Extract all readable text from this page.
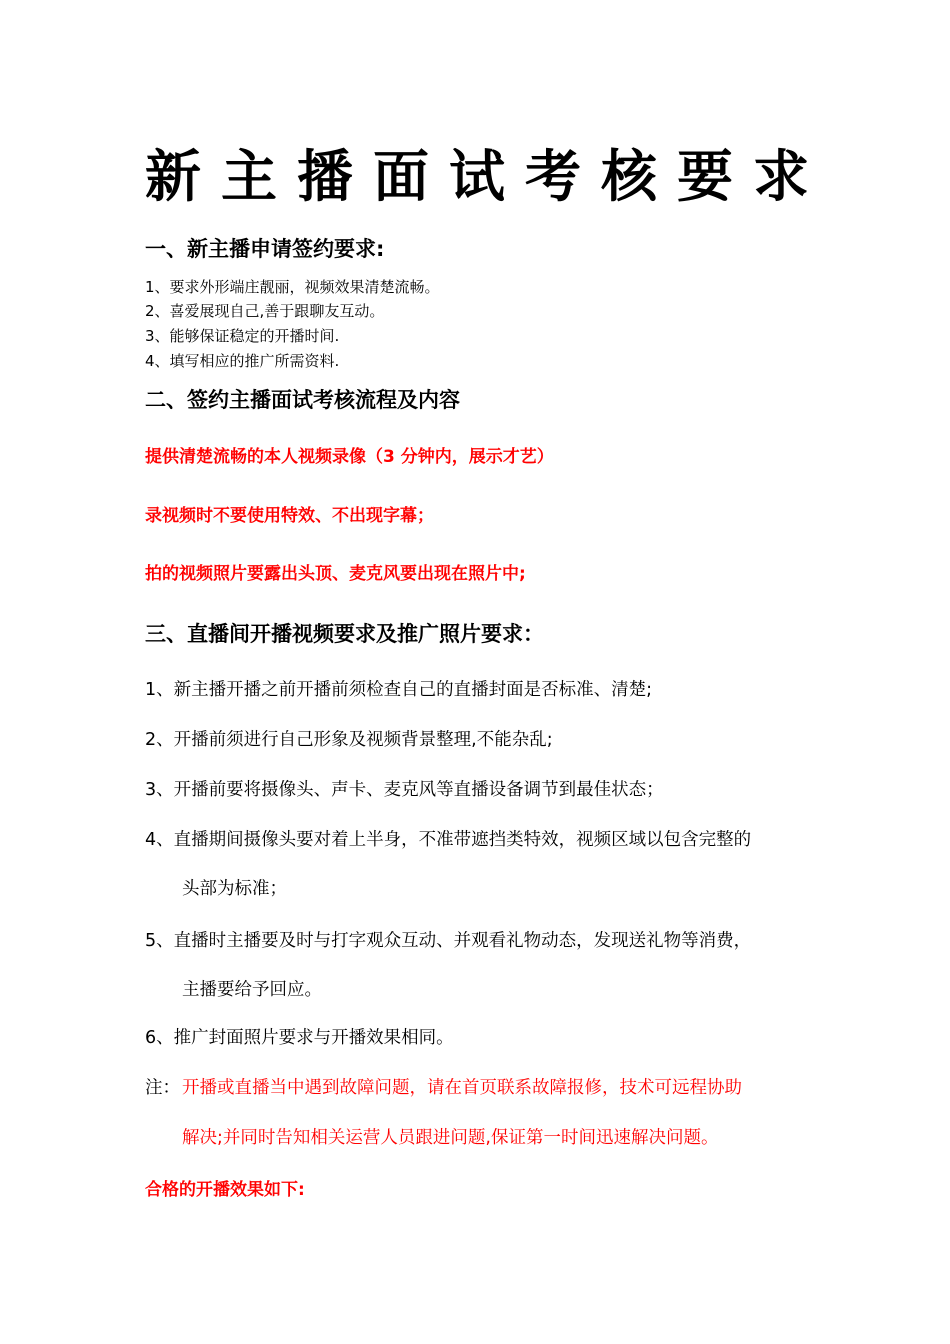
新主播面试考核要求
一、新主播申请签约要求:
1、要求外形端庄靓丽，视频效果清楚流畅。
2、喜爱展现自己,善于跟聊友互动。
3、能够保证稳定的开播时间.
4、填写相应的推广所需资料.
二、签约主播面试考核流程及内容
提供清楚流畅的本人视频录像（3 分钟内，展示才艺）
录视频时不要使用特效、不出现字幕；
拍的视频照片要露出头顶、麦克风要出现在照片中;
三、直播间开播视频要求及推广照片要求：
1、新主播开播之前开播前须检查自己的直播封面是否标准、清楚;
2、开播前须进行自己形象及视频背景整理,不能杂乱;
3、开播前要将摄像头、声卡、麦克风等直播设备调节到最佳状态；
4、直播期间摄像头要对着上半身，不准带遮挡类特效，视频区域以包含完整的
头部为标准；
5、直播时主播要及时与打字观众互动、并观看礼物动态，发现送礼物等消费，
主播要给予回应。
6、推广封面照片要求与开播效果相同。
注： 开播或直播当中遇到故障问题，请在首页联系故障报修，技术可远程协助
解决;并同时告知相关运营人员跟进问题,保证第一时间迅速解决问题。
合格的开播效果如下:
